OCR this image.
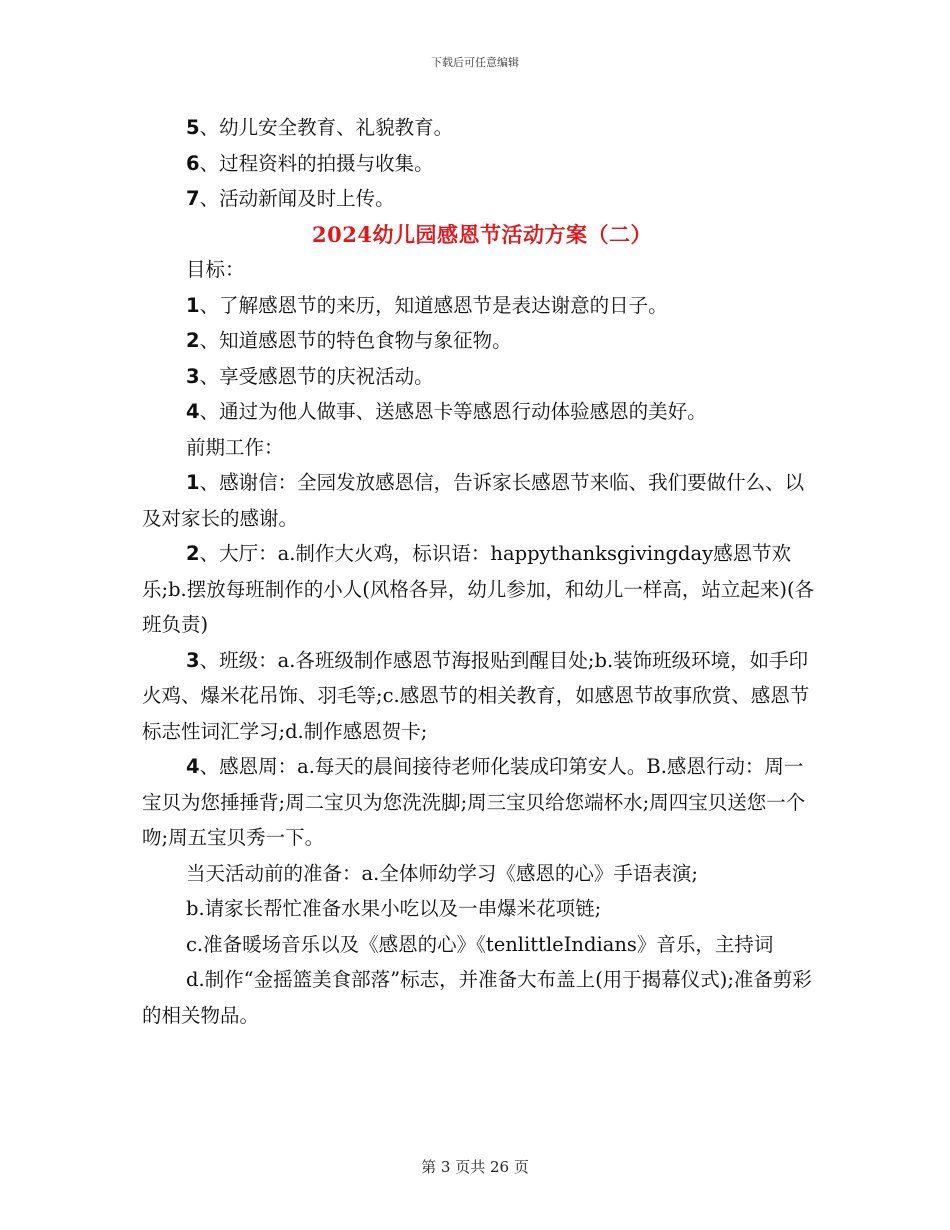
下载后可任意编辑

5、幼儿安全教育、礼貌教育。

6、过程资料的拍摄与收集。

7、活动新闻及时上传。

2024幼儿园感恩节活动方案（二）

目标：

1、了解感恩节的来历，知道感恩节是表达谢意的日子。

2、知道感恩节的特色食物与象征物。

3、享受感恩节的庆祝活动。

4、通过为他人做事、送感恩卡等感恩行动体验感恩的美好。

前期工作：

1、感谢信：全园发放感恩信，告诉家长感恩节来临、我们要做什么、以及对家长的感谢。

2、大厅：a.制作大火鸡，标识语：happythanksgivingday感恩节欢乐;b.摆放每班制作的小人(风格各异，幼儿参加，和幼儿一样高，站立起来)(各班负责)

3、班级：a.各班级制作感恩节海报贴到醒目处;b.装饰班级环境，如手印火鸡、爆米花吊饰、羽毛等;c.感恩节的相关教育，如感恩节故事欣赏、感恩节标志性词汇学习;d.制作感恩贺卡;

4、感恩周：a.每天的晨间接待老师化装成印第安人。B.感恩行动：周一宝贝为您捶捶背;周二宝贝为您洗洗脚;周三宝贝给您端杯水;周四宝贝送您一个吻;周五宝贝秀一下。

当天活动前的准备：a.全体师幼学习《感恩的心》手语表演;

b.请家长帮忙准备水果小吃以及一串爆米花项链;

c.准备暖场音乐以及《感恩的心》《tenlittleIndians》音乐，主持词

d.制作“金摇篮美食部落”标志，并准备大布盖上(用于揭幕仪式);准备剪彩的相关物品。

第 3 页共 26 页
